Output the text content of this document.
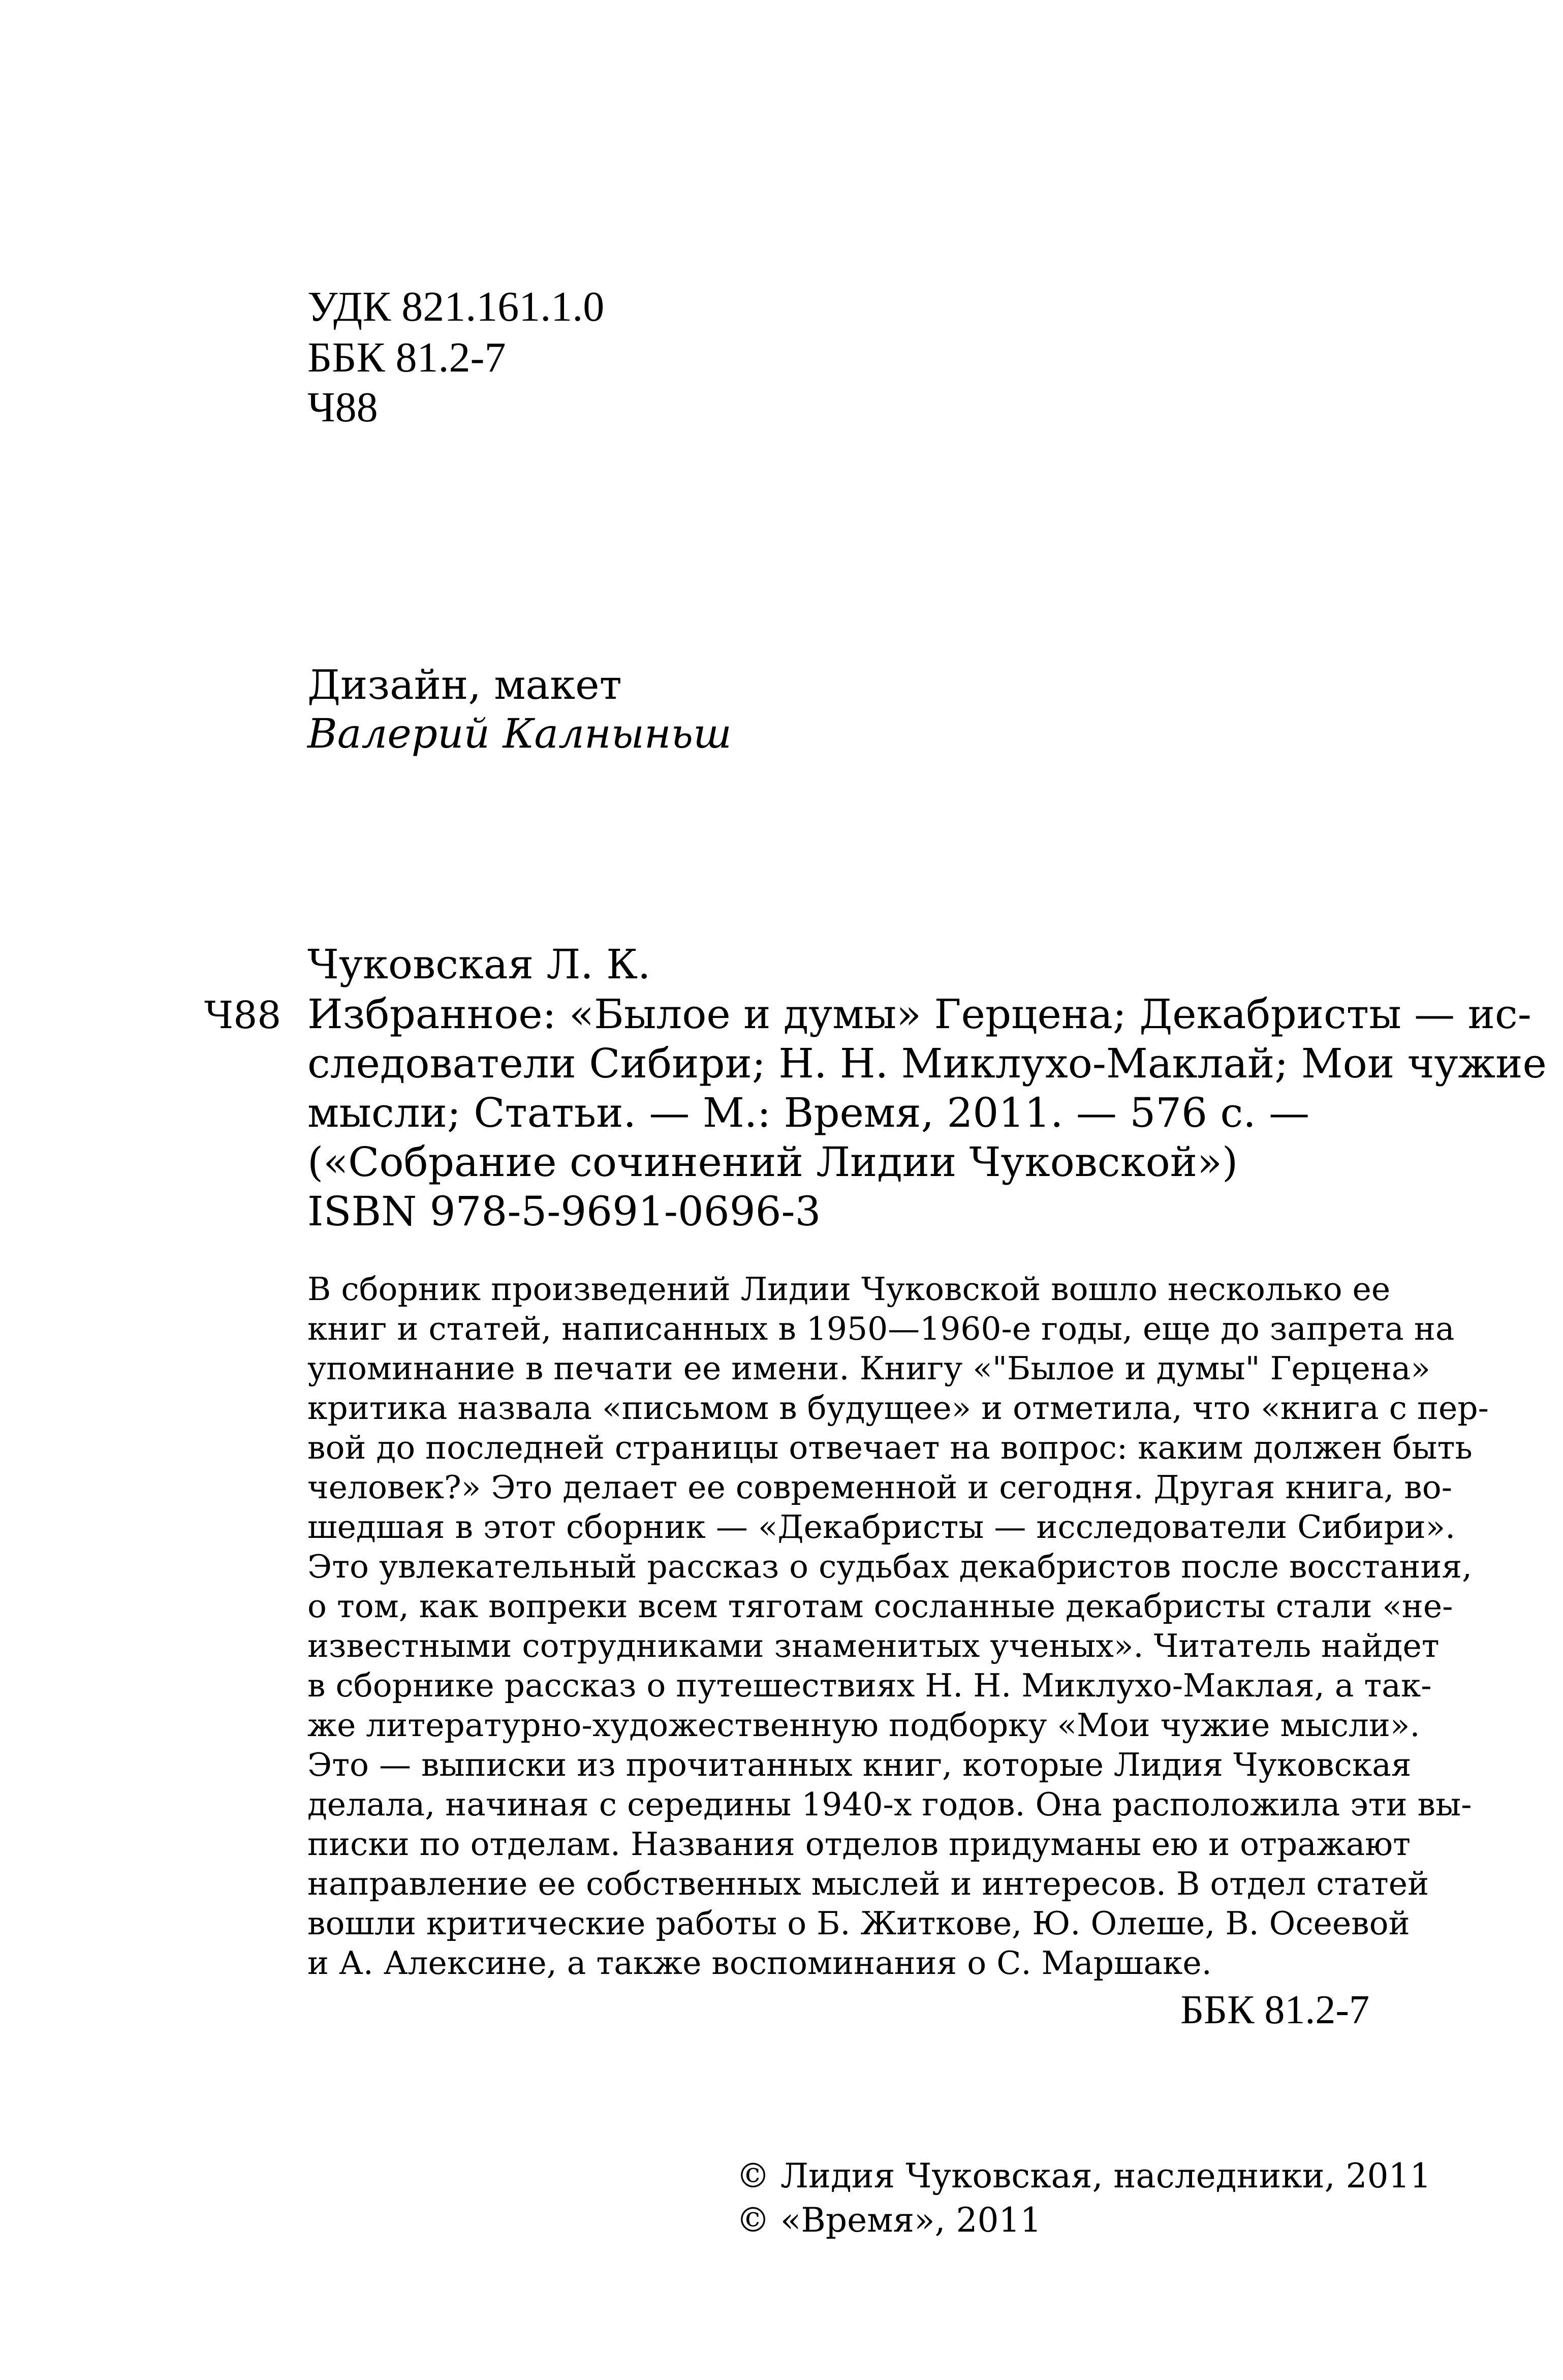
УДК 821.161.1.0
ББК 81.2-7
Ч88
Дизайн, макет
Валерий Калныньш
Ч88
Чуковская Л. К.
Избранное: «Былое и думы» Герцена; Декабристы — ис-
следователи Сибири; Н. Н. Миклухо-Маклай; Мои чужие
мысли; Статьи. — М.: Время, 2011. — 576 с. —
(«Собрание сочинений Лидии Чуковской»)
ISBN 978-5-9691-0696-3
В сборник произведений Лидии Чуковской вошло несколько ее
книг и статей, написанных в 1950—1960-е годы, еще до запрета на
упоминание в печати ее имени. Книгу «"Былое и думы" Герцена»
критика назвала «письмом в будущее» и отметила, что «книга с пер-
вой до последней страницы отвечает на вопрос: каким должен быть
человек?» Это делает ее современной и сегодня. Другая книга, во-
шедшая в этот сборник — «Декабристы — исследователи Сибири».
Это увлекательный рассказ о судьбах декабристов после восстания,
о том, как вопреки всем тяготам сосланные декабристы стали «не-
известными сотрудниками знаменитых ученых». Читатель найдет
в сборнике рассказ о путешествиях Н. Н. Миклухо-Маклая, а так-
же литературно-художественную подборку «Мои чужие мысли».
Это — выписки из прочитанных книг, которые Лидия Чуковская
делала, начиная с середины 1940-х годов. Она расположила эти вы-
писки по отделам. Названия отделов придуманы ею и отражают
направление ее собственных мыслей и интересов. В отдел статей
вошли критические работы о Б. Житкове, Ю. Олеше, В. Осеевой
и А. Алексине, а также воспоминания о С. Маршаке.
ББК 81.2-7
© Лидия Чуковская, наследники, 2011
© «Время», 2011
